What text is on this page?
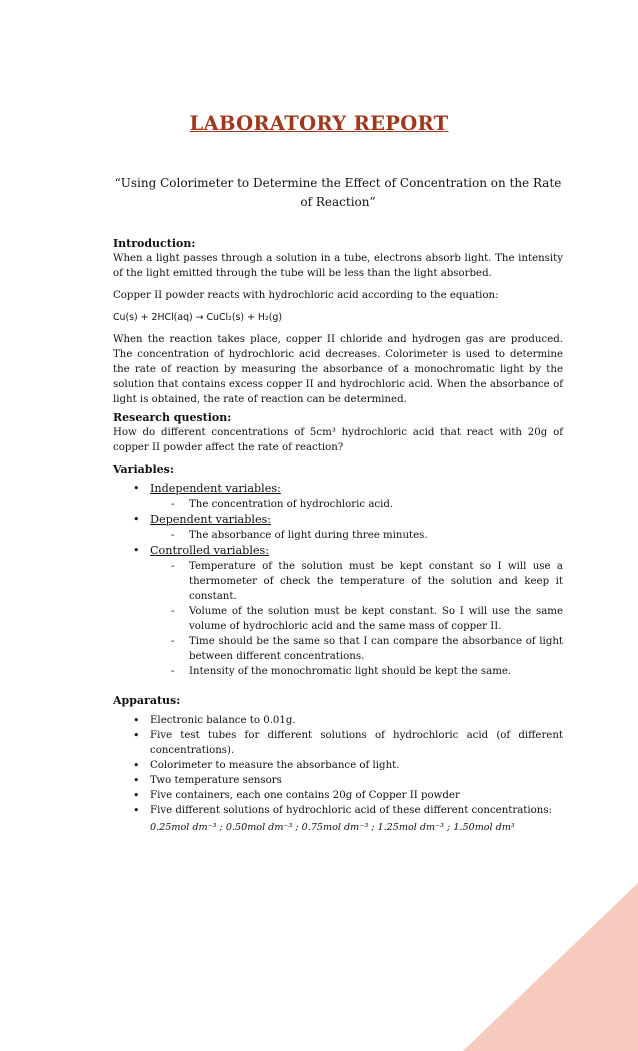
LABORATORY REPORT
“Using Colorimeter to Determine the Effect of Concentration on the Rate of Reaction”

Introduction:

When a light passes through a solution in a tube, electrons absorb light. The intensity of the light emitted through the tube will be less than the light absorbed.

Copper II powder reacts with hydrochloric acid according to the equation:

Cu(s) + 2HCl(aq) → CuCl₂(s) + H₂(g)

When the reaction takes place, copper II chloride and hydrogen gas are produced. The concentration of hydrochloric acid decreases. Colorimeter is used to determine the rate of reaction by measuring the absorbance of a monochromatic light by the solution that contains excess copper II and hydrochloric acid. When the absorbance of light is obtained, the rate of reaction can be determined.

Research question:

How do different concentrations of 5cm³ hydrochloric acid that react with 20g of copper II powder affect the rate of reaction?

Variables:

• Independent variables:
- The concentration of hydrochloric acid.
• Dependent variables:
- The absorbance of light during three minutes.
• Controlled variables:
- Temperature of the solution must be kept constant so I will use a thermometer of check the temperature of the solution and keep it constant.
- Volume of the solution must be kept constant. So I will use the same volume of hydrochloric acid and the same mass of copper II.
- Time should be the same so that I can compare the absorbance of light between different concentrations.
- Intensity of the monochromatic light should be kept the same.

Apparatus:

• Electronic balance to 0.01g.
• Five test tubes for different solutions of hydrochloric acid (of different concentrations).
• Colorimeter to measure the absorbance of light.
• Two temperature sensors
• Five containers, each one contains 20g of Copper II powder
• Five different solutions of hydrochloric acid of these different concentrations:
0.25mol dm⁻³ ; 0.50mol dm⁻³ ; 0.75mol dm⁻³ ; 1.25mol dm⁻³ ; 1.50mol dm³
5
